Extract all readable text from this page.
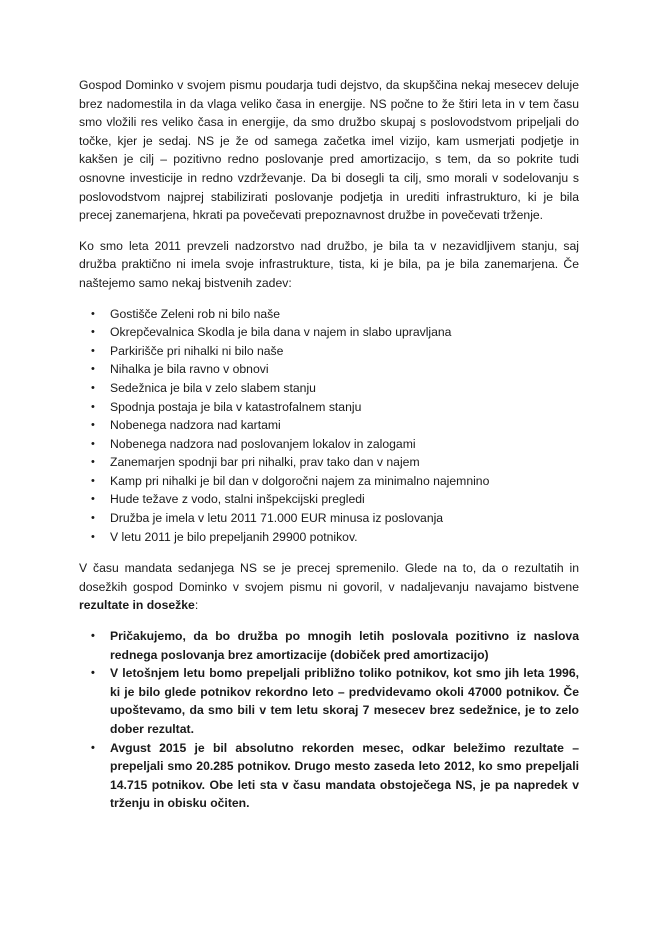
Gospod Dominko v svojem pismu poudarja tudi dejstvo, da skupščina nekaj mesecev deluje brez nadomestila in da vlaga veliko časa in energije. NS počne to že štiri leta in v tem času smo vložili res veliko časa in energije, da smo družbo skupaj s poslovodstvom pripeljali do točke, kjer je sedaj. NS je že od samega začetka imel vizijo, kam usmerjati podjetje in kakšen je cilj – pozitivno redno poslovanje pred amortizacijo, s tem, da so pokrite tudi osnovne investicije in redno vzdrževanje. Da bi dosegli ta cilj, smo morali v sodelovanju s poslovodstvom najprej stabilizirati poslovanje podjetja in urediti infrastrukturo, ki je bila precej zanemarjena, hkrati pa povečevati prepoznavnost družbe in povečevati trženje.

Ko smo leta 2011 prevzeli nadzorstvo nad družbo, je bila ta v nezavidljivem stanju, saj družba praktično ni imela svoje infrastrukture, tista, ki je bila, pa je bila zanemarjena. Če naštejemo samo nekaj bistvenih zadev:

• Gostišče Zeleni rob ni bilo naše
• Okrepčevalnica Skodla je bila dana v najem in slabo upravljana
• Parkirišče pri nihalki ni bilo naše
• Nihalka je bila ravno v obnovi
• Sedežnica je bila v zelo slabem stanju
• Spodnja postaja je bila v katastrofalnem stanju
• Nobenega nadzora nad kartami
• Nobenega nadzora nad poslovanjem lokalov in zalogami
• Zanemarjen spodnji bar pri nihalki, prav tako dan v najem
• Kamp pri nihalki je bil dan v dolgoročni najem za minimalno najemnino
• Hude težave z vodo, stalni inšpekcijski pregledi
• Družba je imela v letu 2011 71.000 EUR minusa iz poslovanja
• V letu 2011 je bilo prepeljanih 29900 potnikov.

V času mandata sedanjega NS se je precej spremenilo. Glede na to, da o rezultatih in dosežkih gospod Dominko v svojem pismu ni govoril, v nadaljevanju navajamo bistvene rezultate in dosežke:

• Pričakujemo, da bo družba po mnogih letih poslovala pozitivno iz naslova rednega poslovanja brez amortizacije (dobiček pred amortizacijo)
• V letošnjem letu bomo prepeljali približno toliko potnikov, kot smo jih leta 1996, ki je bilo glede potnikov rekordno leto – predvidevamo okoli 47000 potnikov. Če upoštevamo, da smo bili v tem letu skoraj 7 mesecev brez sedežnice, je to zelo dober rezultat.
• Avgust 2015 je bil absolutno rekorden mesec, odkar beležimo rezultate – prepeljali smo 20.285 potnikov. Drugo mesto zaseda leto 2012, ko smo prepeljali 14.715 potnikov. Obe leti sta v času mandata obstoječega NS, je pa napredek v trženju in obisku očiten.
